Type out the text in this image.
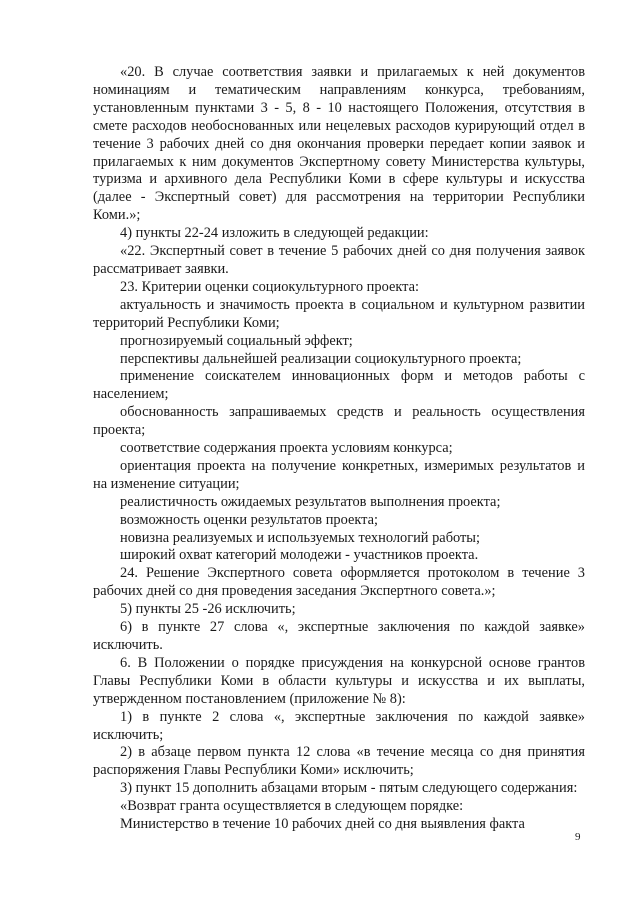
«20. В случае соответствия заявки и прилагаемых к ней документов номинациям и тематическим направлениям конкурса, требованиям, установленным пунктами 3 - 5, 8 - 10 настоящего Положения, отсутствия в смете расходов необоснованных или нецелевых расходов курирующий отдел в течение 3 рабочих дней со дня окончания проверки передает копии заявок и прилагаемых к ним документов Экспертному совету Министерства культуры, туризма и архивного дела Республики Коми в сфере культуры и искусства (далее - Экспертный совет) для рассмотрения на территории Республики Коми.»;

4) пункты 22-24 изложить в следующей редакции:

«22. Экспертный совет в течение 5 рабочих дней со дня получения заявок рассматривает заявки.

23. Критерии оценки социокультурного проекта:

актуальность и значимость проекта в социальном и культурном развитии территорий Республики Коми;

прогнозируемый социальный эффект;

перспективы дальнейшей реализации социокультурного проекта;

применение соискателем инновационных форм и методов работы с населением;

обоснованность запрашиваемых средств и реальность осуществления проекта;

соответствие содержания проекта условиям конкурса;

ориентация проекта на получение конкретных, измеримых результатов и на изменение ситуации;

реалистичность ожидаемых результатов выполнения проекта;

возможность оценки результатов проекта;

новизна реализуемых и используемых технологий работы;

широкий охват категорий молодежи - участников проекта.

24. Решение Экспертного совета оформляется протоколом в течение 3 рабочих дней со дня проведения заседания Экспертного совета.»;

5) пункты 25 -26 исключить;

6) в пункте 27 слова «, экспертные заключения по каждой заявке» исключить.

6. В Положении о порядке присуждения на конкурсной основе грантов Главы Республики Коми в области культуры и искусства и их выплаты, утвержденном постановлением (приложение № 8):

1) в пункте 2 слова «, экспертные заключения по каждой заявке» исключить;

2) в абзаце первом пункта 12 слова «в течение месяца со дня принятия распоряжения Главы Республики Коми» исключить;

3) пункт 15 дополнить абзацами вторым - пятым следующего содержания:

«Возврат гранта осуществляется в следующем порядке:

Министерство в течение 10 рабочих дней со дня выявления факта

9
